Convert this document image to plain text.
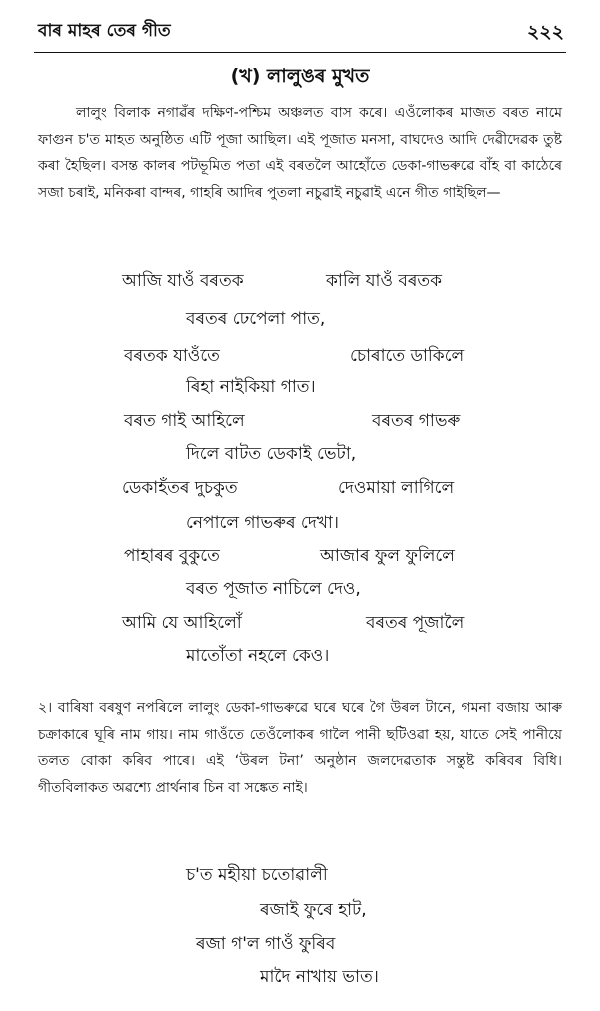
বাৰ মাহৰ তেৰ গীত	২২২
(খ) লালুঙৰ মুখত

লালুং বিলাক নগাৱঁৰ দক্ষিণ-পশ্চিম অঞ্চলত বাস কৰে। এওঁলোকৰ মাজত বৰত নামে ফাগুন চ'ত মাহত অনুষ্ঠিত এটি পূজা আছিল। এই পূজাত মনসা, বাঘদেও আদি দেৱীদেৱক তুষ্ট কৰা হৈছিল। বসন্ত কালৰ পটভূমিত পতা এই বৰতলৈ আহোঁতে ডেকা-গাভৰুৱে বাঁহ বা কাঠেৰে সজা চৰাই, মনিকৰা বান্দৰ, গাহৰি আদিৰ পুতলা নচুৱাই নচুৱাই এনে গীত গাইছিল—

আজি যাওঁ বৰতক	কালি যাওঁ বৰতক
বৰতৰ ঢেপেলা পাত,
বৰতক যাওঁতে	চোৰাতে ডাকিলে
ৰিহা নাইকিয়া গাত।
বৰত গাই আহিলে	বৰতৰ গাভৰু
দিলে বাটত ডেকাই ভেটা,
ডেকাহঁতৰ দুচকুত	দেওমায়া লাগিলে
নেপালে গাভৰুৰ দেখা।
পাহাৰৰ বুকুতে	আজাৰ ফুল ফুলিলে
বৰত পূজাত নাচিলে দেও,
আমি যে আহিলোঁ	বৰতৰ পূজালৈ
মাতোঁতা নহলে কেও।

২। বাৰিষা বৰষুণ নপৰিলে লালুং ডেকা-গাভৰুৱে ঘৰে ঘৰে গৈ উৰল টানে, গমনা বজায় আৰু চক্ৰাকাৰে ঘূৰি নাম গায়। নাম গাওঁতে তেওঁলোকৰ গালৈ পানী ছটিওৱা হয়, যাতে সেই পানীয়ে তলত বোকা কৰিব পাৰে। এই ‘উৰল টনা’ অনুষ্ঠান জলদেৱতাক সন্তুষ্ট কৰিবৰ বিধি। গীতবিলাকত অৱশ্যে প্ৰাৰ্থনাৰ চিন বা সঙ্কেত নাই।

চ'ত মহীয়া চতোৱালী
ৰজাই ফুৰে হাট,
ৰজা গ'ল গাওঁ ফুৰিব
মাদৈ নাখায় ভাত।
